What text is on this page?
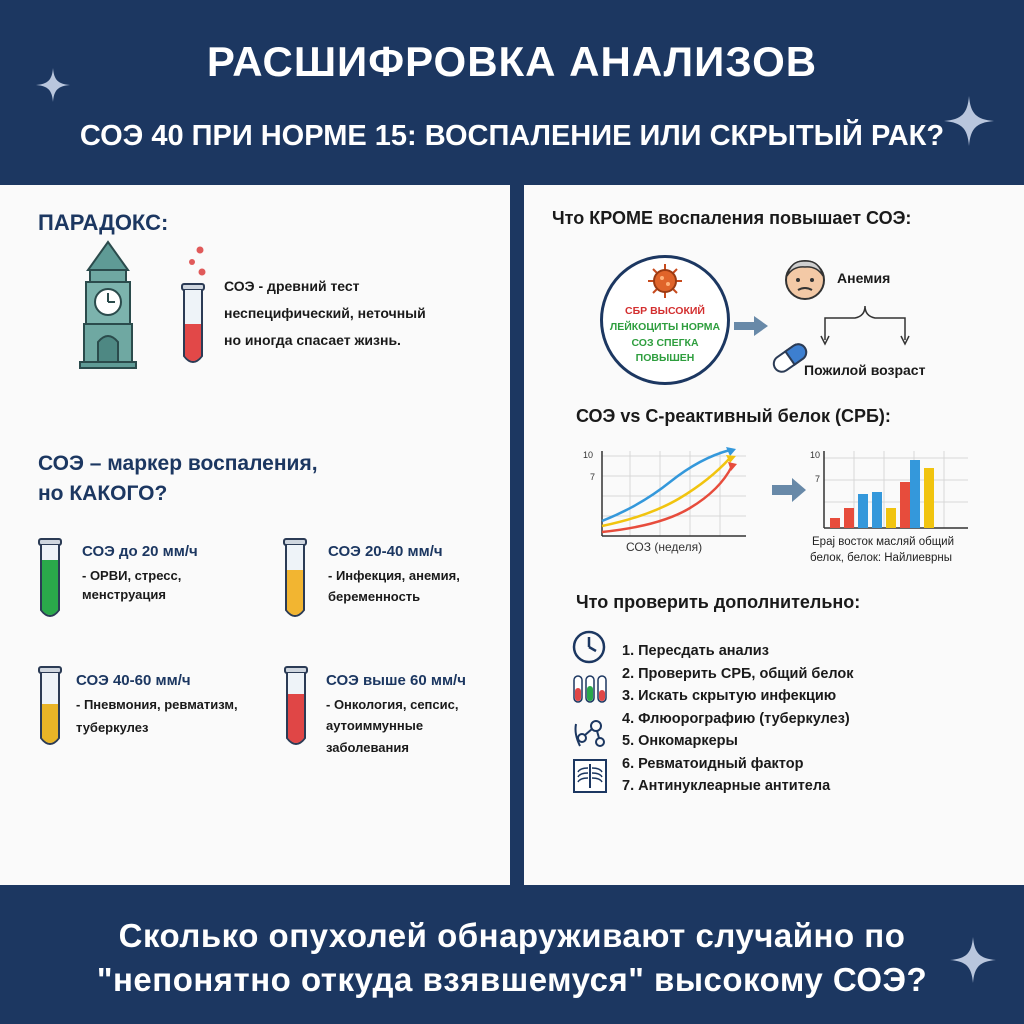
РАСШИФРОВКА АНАЛИЗОВ
СОЭ 40 ПРИ НОРМЕ 15: ВОСПАЛЕНИЕ ИЛИ СКРЫТЫЙ РАК?
ПАРАДОКС:
СОЭ - древний тест
неспецифический, неточный
но иногда спасает жизнь.
СОЭ – маркер воспаления,
но КАКОГО?
СОЭ до 20 мм/ч
- ОРВИ, стресс,
менструация
СОЭ 20-40 мм/ч
- Инфекция, анемия,
беременность
СОЭ 40-60 мм/ч
- Пневмония, ревматизм,
туберкулез
СОЭ выше 60 мм/ч
- Онкология, сепсис,
аутоиммунные
заболевания
Что КРОМЕ воспаления повышает СОЭ:
СБР ВЫСОКИЙ
ЛЕЙКОЦИТЫ НОРМА
СОЗ СПЕГКА
ПОВЫШЕН
Анемия
Пожилой возраст
СОЭ vs С-реактивный белок (СРБ):
10
7
СОЗ (неделя)
10
7
Ерај восток масляй общий
белок, белок: Найлиеврны
Что проверить дополнительно:
1. Пересдать анализ
2. Проверить СРБ, общий белок
3. Искать скрытую инфекцию
4. Флюорографию (туберкулез)
5. Онкомаркеры
6. Ревматоидный фактор
7. Антинуклеарные антитела
Сколько опухолей обнаруживают случайно по
"непонятно откуда взявшемуся" высокому СОЭ?
